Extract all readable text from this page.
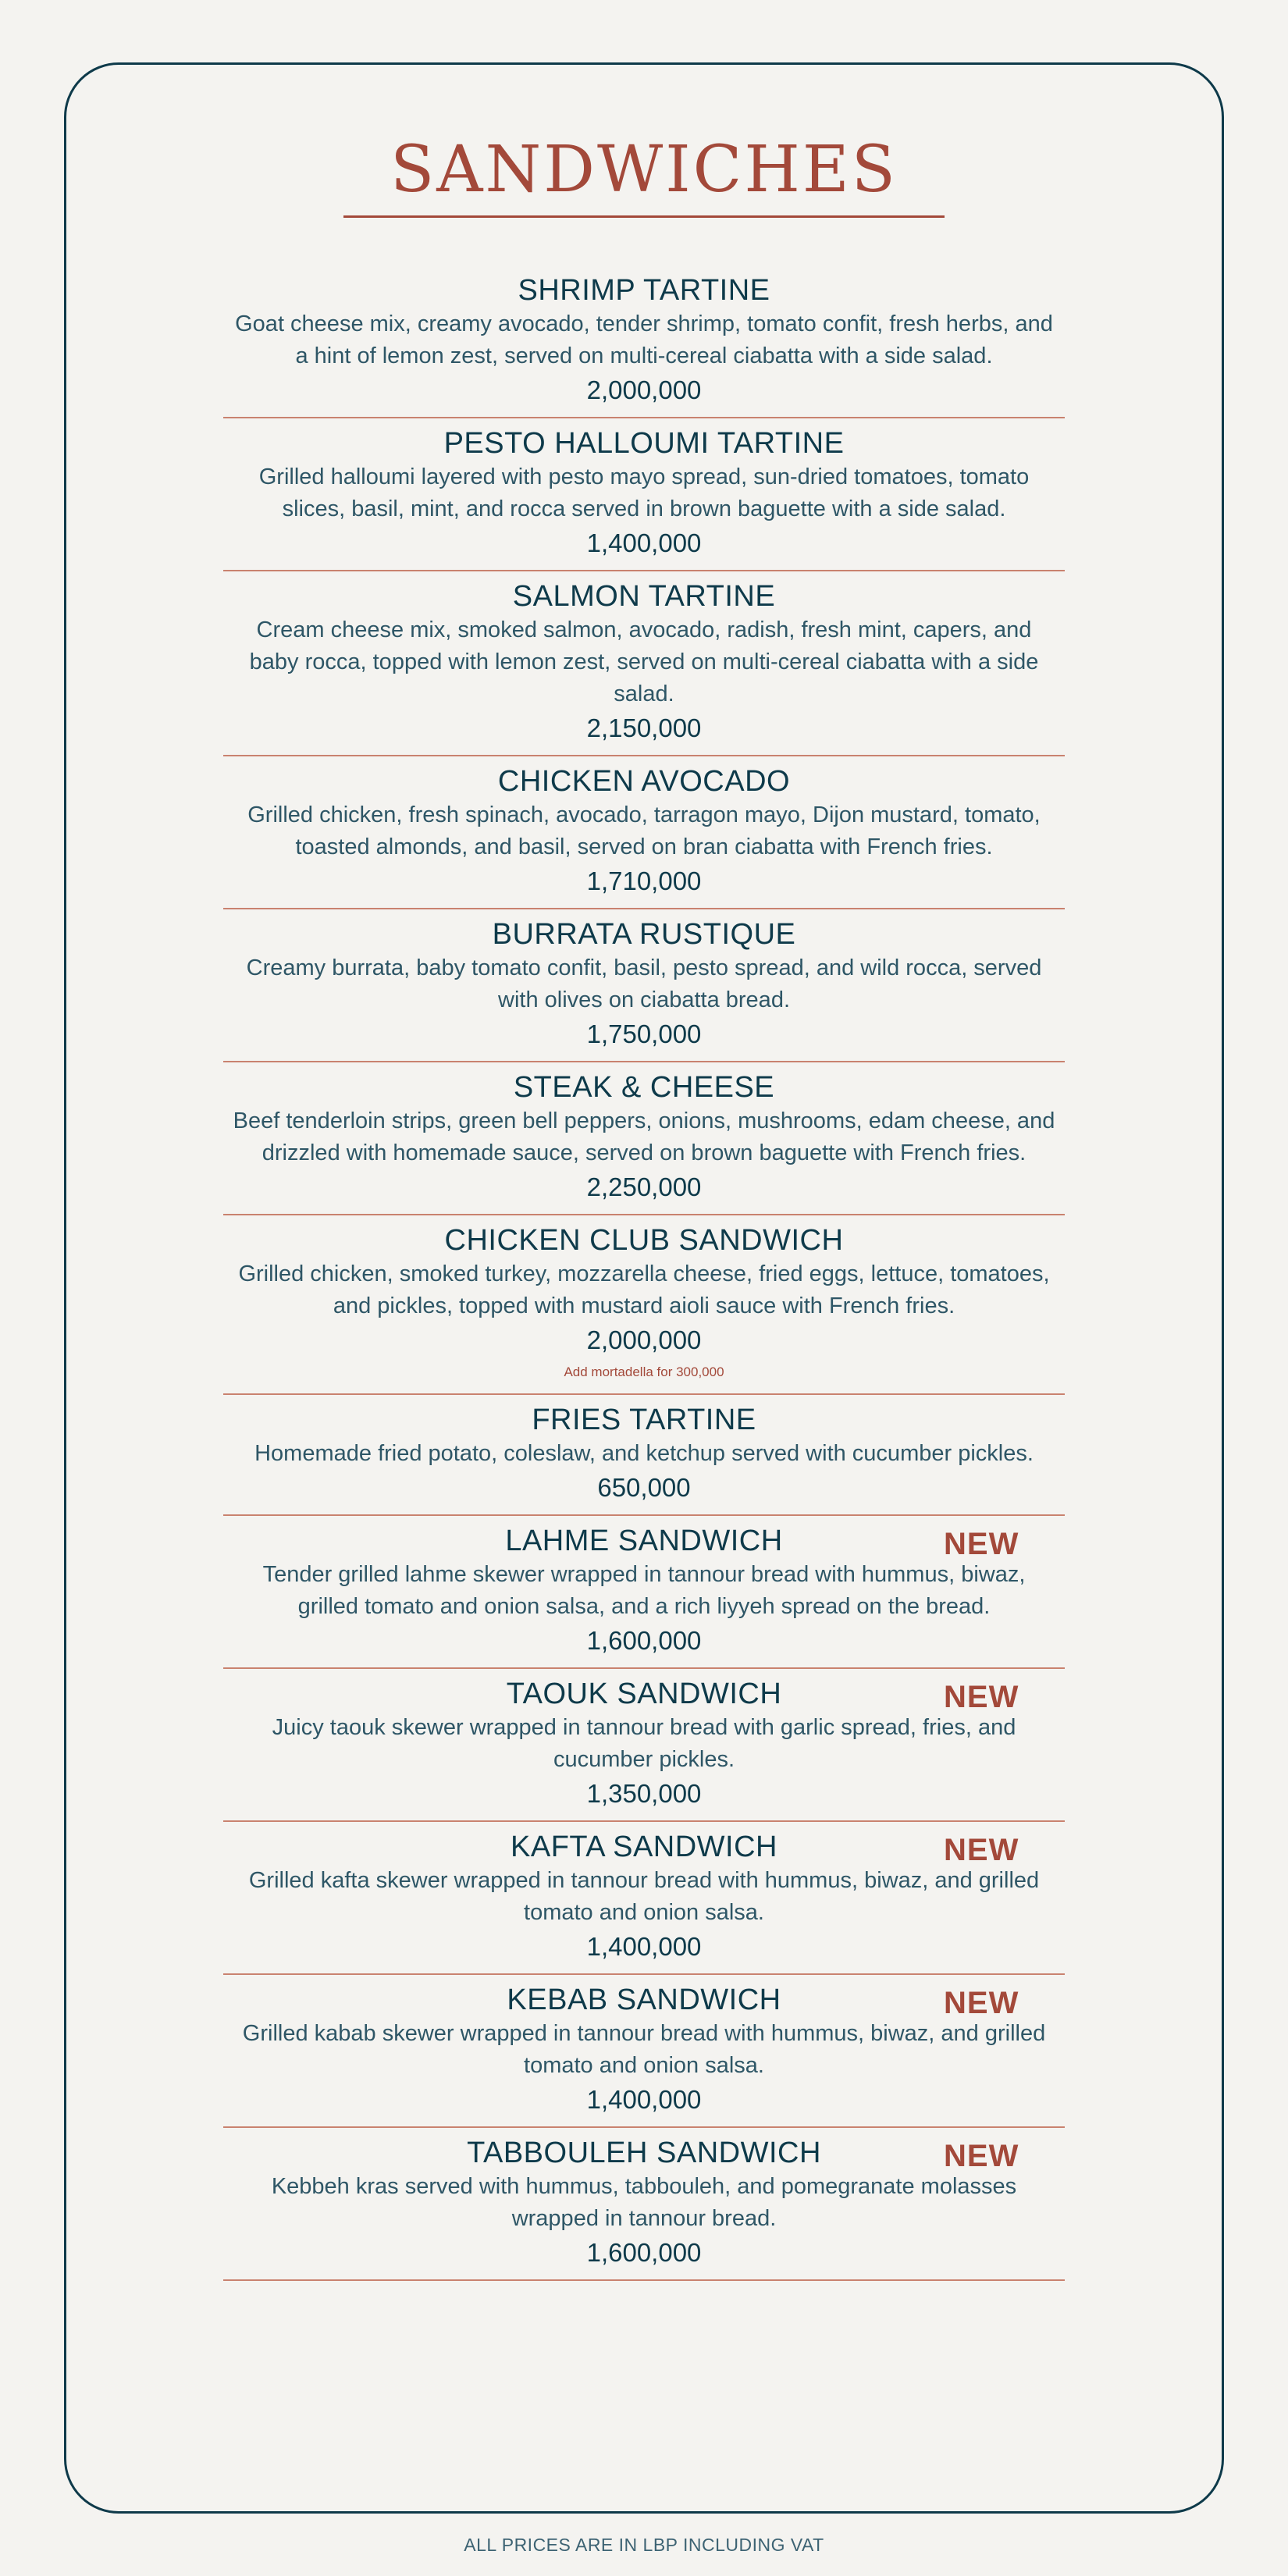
SANDWICHES
SHRIMP TARTINE
Goat cheese mix, creamy avocado, tender shrimp, tomato confit, fresh herbs, and a hint of lemon zest, served on multi-cereal ciabatta with a side salad.
2,000,000
PESTO HALLOUMI TARTINE
Grilled halloumi layered with pesto mayo spread, sun-dried tomatoes, tomato slices, basil, mint, and rocca served in brown baguette with a side salad.
1,400,000
SALMON TARTINE
Cream cheese mix, smoked salmon, avocado, radish, fresh mint, capers, and baby rocca, topped with lemon zest, served on multi-cereal ciabatta with a side salad.
2,150,000
CHICKEN AVOCADO
Grilled chicken, fresh spinach, avocado, tarragon mayo, Dijon mustard, tomato, toasted almonds, and basil, served on bran ciabatta with French fries.
1,710,000
BURRATA RUSTIQUE
Creamy burrata, baby tomato confit, basil, pesto spread, and wild rocca, served with olives on ciabatta bread.
1,750,000
STEAK & CHEESE
Beef tenderloin strips, green bell peppers, onions, mushrooms, edam cheese, and drizzled with homemade sauce, served on brown baguette with French fries.
2,250,000
CHICKEN CLUB SANDWICH
Grilled chicken, smoked turkey, mozzarella cheese, fried eggs, lettuce, tomatoes, and pickles, topped with mustard aioli sauce with French fries.
2,000,000
Add mortadella for 300,000
FRIES TARTINE
Homemade fried potato, coleslaw, and ketchup served with cucumber pickles.
650,000
LAHME SANDWICH	NEW
Tender grilled lahme skewer wrapped in tannour bread with hummus, biwaz, grilled tomato and onion salsa, and a rich liyyeh spread on the bread.
1,600,000
TAOUK SANDWICH	NEW
Juicy taouk skewer wrapped in tannour bread with garlic spread, fries, and cucumber pickles.
1,350,000
KAFTA SANDWICH	NEW
Grilled kafta skewer wrapped in tannour bread with hummus, biwaz, and grilled tomato and onion salsa.
1,400,000
KEBAB SANDWICH	NEW
Grilled kabab skewer wrapped in tannour bread with hummus, biwaz, and grilled tomato and onion salsa.
1,400,000
TABBOULEH SANDWICH	NEW
Kebbeh kras served with hummus, tabbouleh, and pomegranate molasses wrapped in tannour bread.
1,600,000
ALL PRICES ARE IN LBP INCLUDING VAT
